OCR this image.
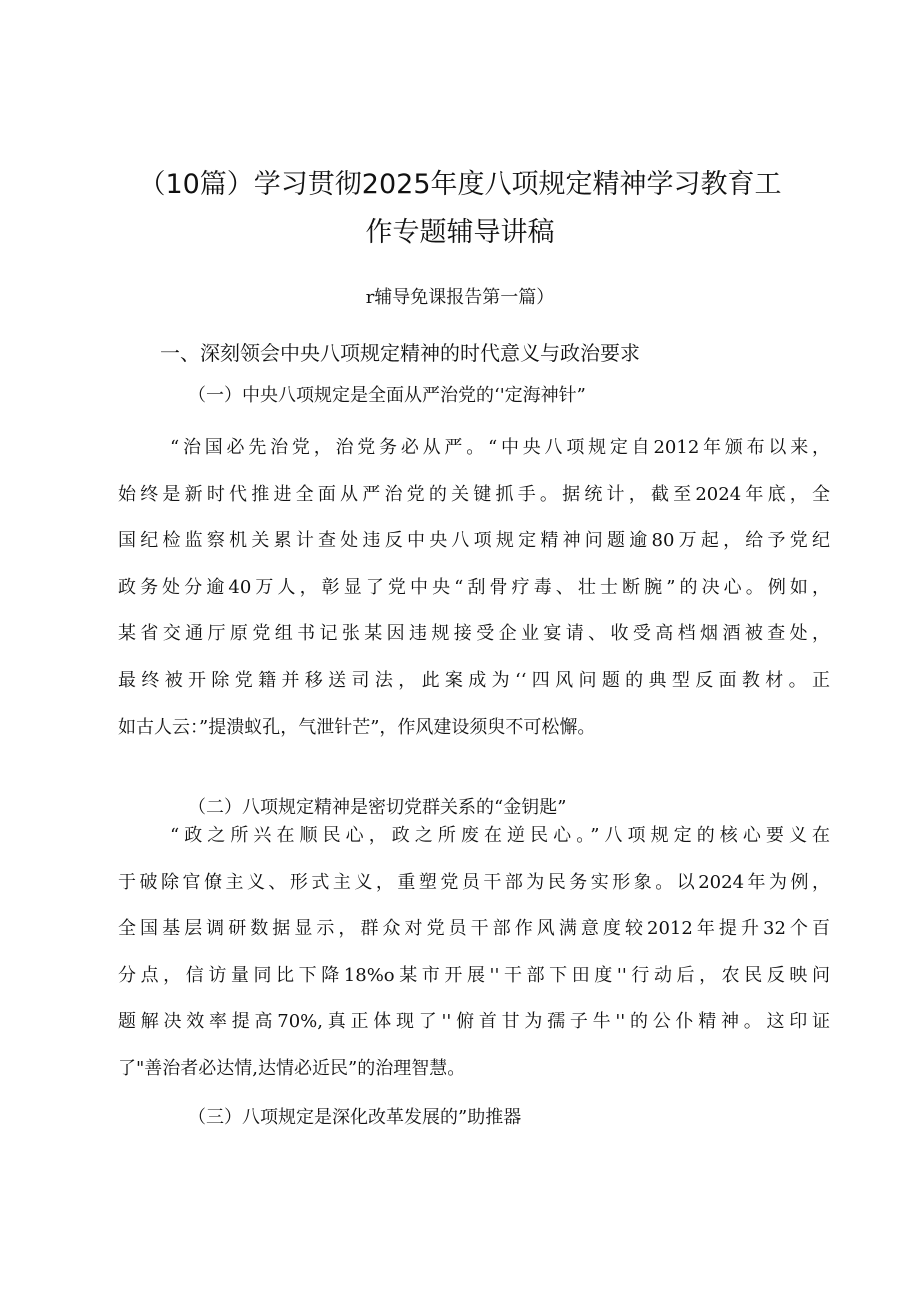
（10篇）学习贯彻2025年度八项规定精神学习教育工
作专题辅导讲稿
r辅导免课报告第一篇）
一、深刻领会中央八项规定精神的时代意义与政治要求
（一）中央八项规定是全面从严治党的‘'定海神针”
“治国必先治党，治党务必从严。“中央八项规定自2012年颁布以来，
始终是新时代推进全面从严治党的关键抓手。据统计，截至2024年底，全
国纪检监察机关累计查处违反中央八项规定精神问题逾80万起，给予党纪
政务处分逾40万人，彰显了党中央“刮骨疗毒、壮士断腕”的决心。例如，
某省交通厅原党组书记张某因违规接受企业宴请、收受高档烟酒被查处，
最终被开除党籍并移送司法，此案成为‘‘四风问题的典型反面教材。正
如古人云：”提溃蚁孔，气泄针芒”，作风建设须臾不可松懈。
（二）八项规定精神是密切党群关系的“金钥匙”
“政之所兴在顺民心，政之所废在逆民心。”八项规定的核心要义在
于破除官僚主义、形式主义，重塑党员干部为民务实形象。以2024年为例，
全国基层调研数据显示，群众对党员干部作风满意度较2012年提升32个百
分点，信访量同比下降18%o某市开展''干部下田度''行动后，农民反映问
题解决效率提高70%,真正体现了''俯首甘为孺子牛''的公仆精神。这印证
了"善治者必达情,达情必近民”的治理智慧。
（三）八项规定是深化改革发展的”助推器
